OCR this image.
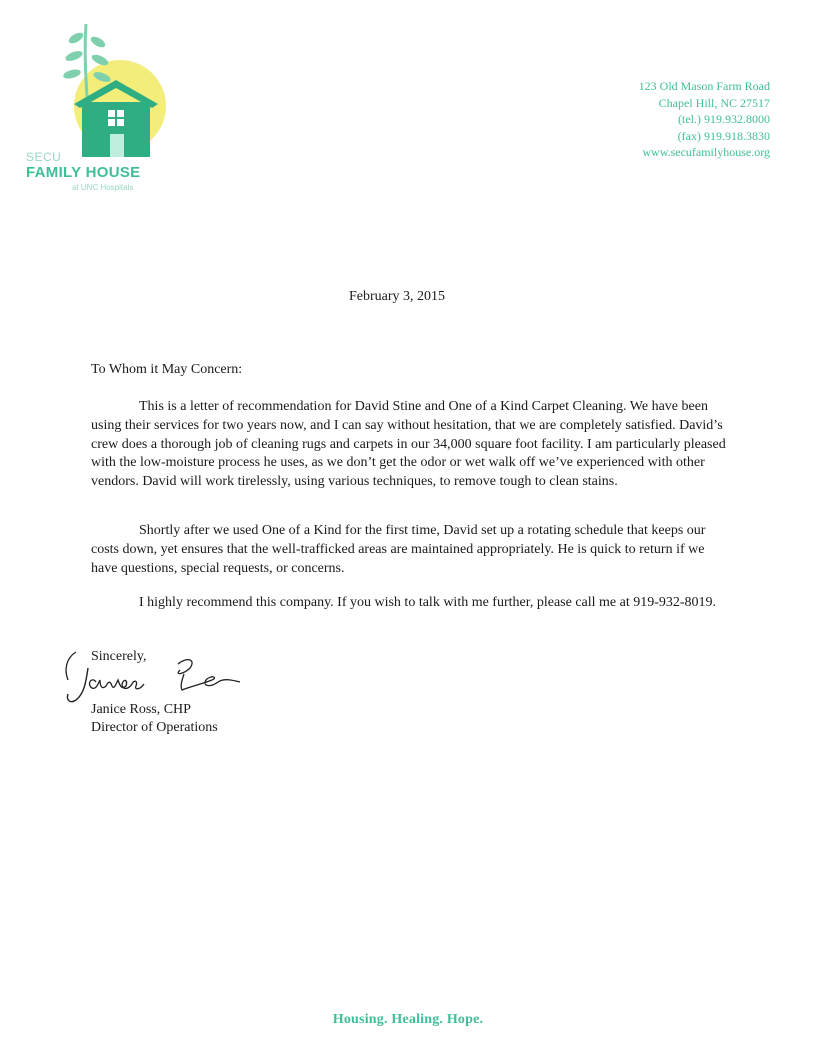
SECU
FAMILY HOUSE
at UNC Hospitals
123 Old Mason Farm Road
Chapel Hill, NC 27517
(tel.) 919.932.8000
(fax) 919.918.3830
www.secufamilyhouse.org
February 3, 2015
To Whom it May Concern:
This is a letter of recommendation for David Stine and One of a Kind Carpet Cleaning. We have been using their services for two years now, and I can say without hesitation, that we are completely satisfied. David’s crew does a thorough job of cleaning rugs and carpets in our 34,000 square foot facility. I am particularly pleased with the low-moisture process he uses, as we don’t get the odor or wet walk off we’ve experienced with other vendors. David will work tirelessly, using various techniques, to remove tough to clean stains.
Shortly after we used One of a Kind for the first time, David set up a rotating schedule that keeps our costs down, yet ensures that the well-trafficked areas are maintained appropriately. He is quick to return if we have questions, special requests, or concerns.
I highly recommend this company. If you wish to talk with me further, please call me at 919-932-8019.
Sincerely,
Janice Ross, CHP
Director of Operations
Housing. Healing. Hope.
